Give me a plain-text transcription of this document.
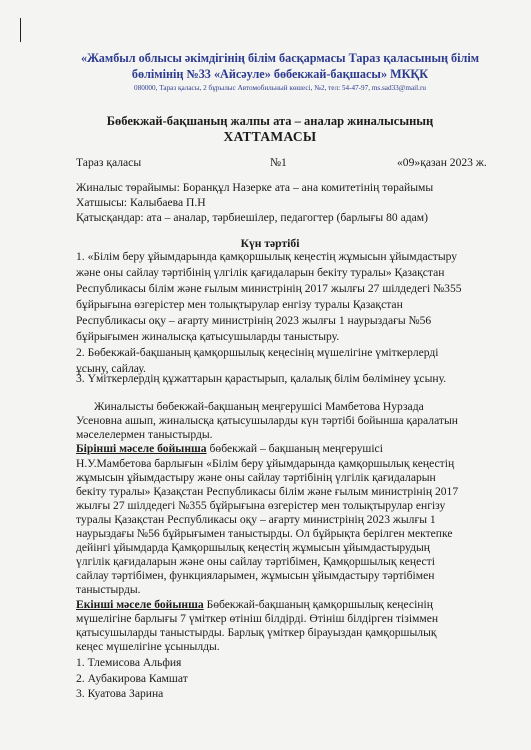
«Жамбыл облысы әкімдігінің білім басқармасы Тараз қаласының білім
бөлімінің №33 «Айсәуле» бөбекжай-бақшасы» МКҚК
080000, Тараз қаласы, 2 бұрылыс Автомобильный көшесі, №2, тел: 54-47-97, ms.sad33@mail.ru
Бөбекжай-бақшаның жалпы ата – аналар жиналысының
ХАТТАМАСЫ
Тараз қаласы	№1	«09»қазан 2023 ж.
Жиналыс төрайымы: Боранқұл Назерке ата – ана комитетінің төрайымы
Хатшысы: Калыбаева П.Н
Қатысқандар: ата – аналар, тәрбиешілер, педагогтер (барлығы 80 адам)
Күн тәртібі
1. «Білім беру ұйымдарында қамқоршылық кеңестің жұмысын ұйымдастыру
және оны сайлау тәртібінің үлгілік қағидаларын бекіту туралы» Қазақстан
Республикасы білім және ғылым министрінің 2017 жылғы 27 шілдедегі №355
бұйрығына өзгерістер мен толықтырулар енгізу туралы Қазақстан
Республикасы оқу – ағарту министрінің 2023 жылғы 1 наурыздағы №56
бұйрығымен жиналысқа қатысушыларды таныстыру.
2. Бөбекжай-бақшаның қамқоршылық кеңесінің мүшелігіне үміткерлерді
ұсыну, сайлау.
3. Үміткерлердің құжаттарын қарастырып, қалалық білім бөлімінеу ұсыну.
Жиналысты бөбекжай-бақшаның меңгерушісі Мамбетова Нурзада
Усеновна ашып, жиналысқа қатысушыларды күн тәртібі бойынша қаралатын
мәселелермен таныстырды.
Бірінші мәселе бойынша бөбекжай – бақшаның меңгерушісі
Н.У.Мамбетова барлығын «Білім беру ұйымдарында қамқоршылық кеңестің
жұмысын ұйымдастыру және оны сайлау тәртібінің үлгілік қағидаларын
бекіту туралы» Қазақстан Республикасы білім және ғылым министрінің 2017
жылғы 27 шілдедегі №355 бұйрығына өзгерістер мен толықтырулар енгізу
туралы Қазақстан Республикасы оқу – ағарту министрінің 2023 жылғы 1
наурыздағы №56 бұйрығымен таныстырды. Ол бұйрықта берілген мектепке
дейінгі ұйымдарда Қамқоршылық кеңестің жұмысын ұйымдастырудың
үлгілік қағидаларын және оны сайлау тәртібімен, Қамқоршылық кеңесті
сайлау тәртібімен, функцияларымен, жұмысын ұйымдастыру тәртібімен
таныстырды.
Екінші мәселе бойынша Бөбекжай-бақшаның қамқоршылық кеңесінің
мүшелігіне барлығы 7 үміткер өтініш білдірді. Өтініш білдірген тізіммен
қатысушыларды таныстырды. Барлық үміткер бірауыздан қамқоршылық
кеңес мүшелігіне ұсынылды.
1. Тлемисова Альфия
2. Аубакирова Камшат
3. Куатова Зарина
